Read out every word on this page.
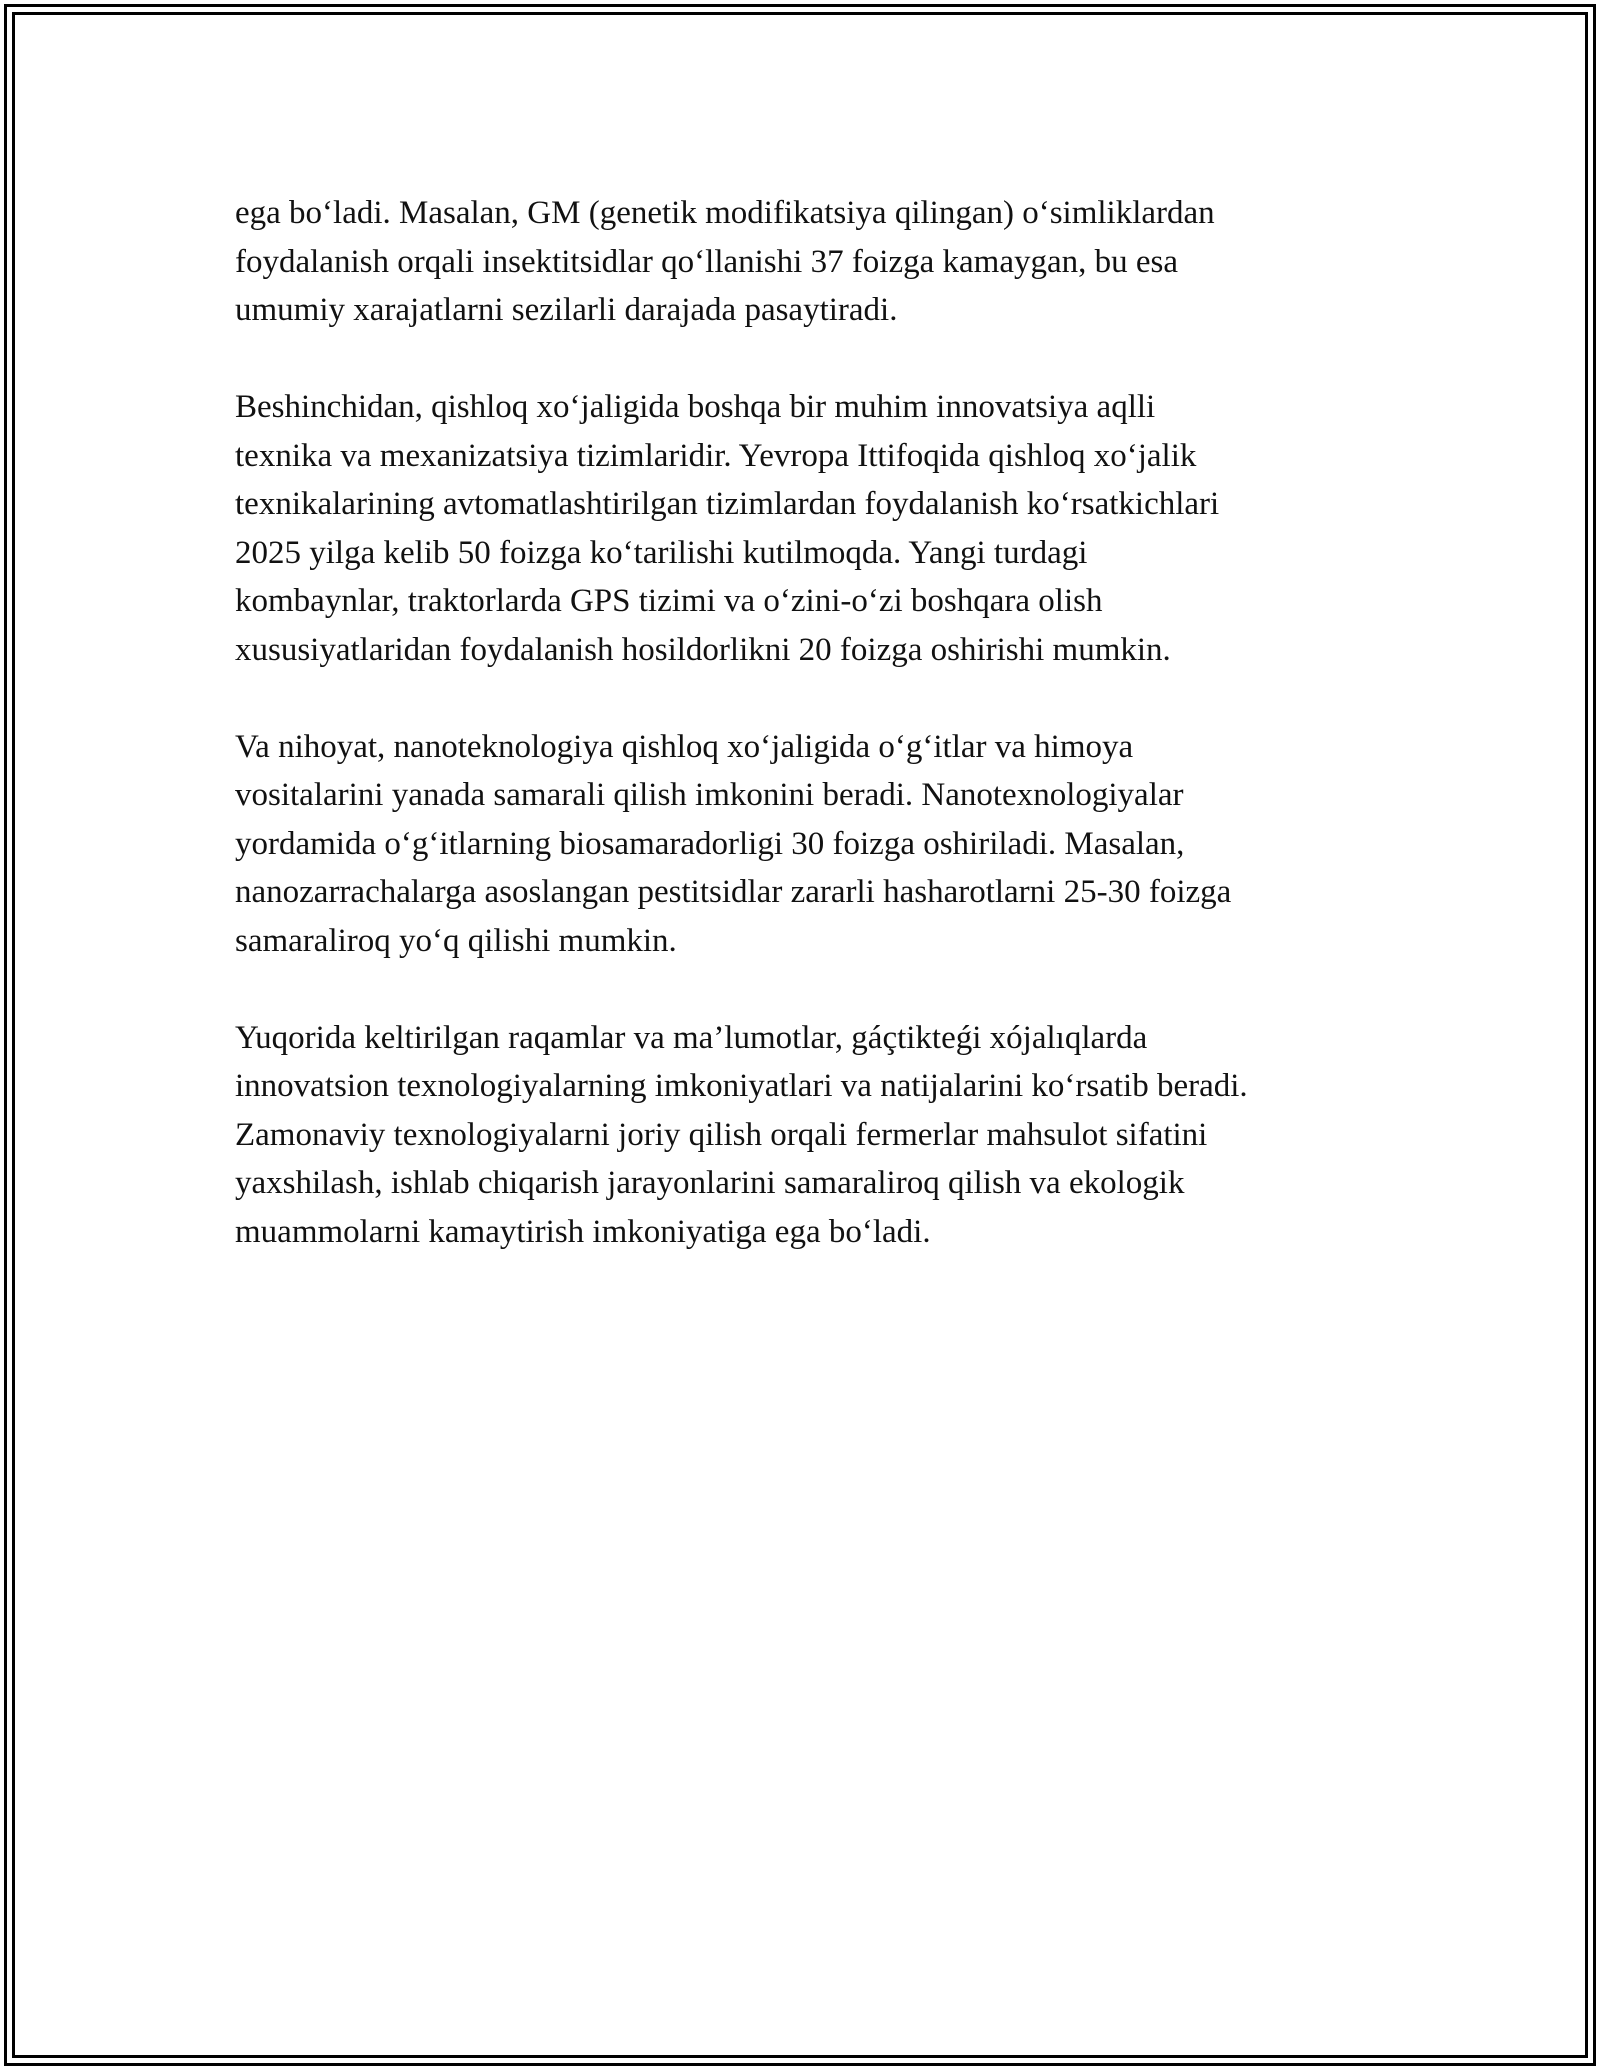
ega bo‘ladi. Masalan, GM (genetik modifikatsiya qilingan) o‘simliklardan
foydalanish orqali insektitsidlar qo‘llanishi 37 foizga kamaygan, bu esa
umumiy xarajatlarni sezilarli darajada pasaytiradi.

Beshinchidan, qishloq xo‘jaligida boshqa bir muhim innovatsiya aqlli
texnika va mexanizatsiya tizimlaridir. Yevropa Ittifoqida qishloq xo‘jalik
texnikalarining avtomatlashtirilgan tizimlardan foydalanish ko‘rsatkichlari
2025 yilga kelib 50 foizga ko‘tarilishi kutilmoqda. Yangi turdagi
kombaynlar, traktorlarda GPS tizimi va o‘zini-o‘zi boshqara olish
xususiyatlaridan foydalanish hosildorlikni 20 foizga oshirishi mumkin.

Va nihoyat, nanoteknologiya qishloq xo‘jaligida o‘g‘itlar va himoya
vositalarini yanada samarali qilish imkonini beradi. Nanotexnologiyalar
yordamida o‘g‘itlarning biosamaradorligi 30 foizga oshiriladi. Masalan,
nanozarrachalarga asoslangan pestitsidlar zararli hasharotlarni 25-30 foizga
samaraliroq yo‘q qilishi mumkin.

Yuqorida keltirilgan raqamlar va ma’lumotlar, gáçtikteǵi xójalıqlarda
innovatsion texnologiyalarning imkoniyatlari va natijalarini ko‘rsatib beradi.
Zamonaviy texnologiyalarni joriy qilish orqali fermerlar mahsulot sifatini
yaxshilash, ishlab chiqarish jarayonlarini samaraliroq qilish va ekologik
muammolarni kamaytirish imkoniyatiga ega bo‘ladi.
